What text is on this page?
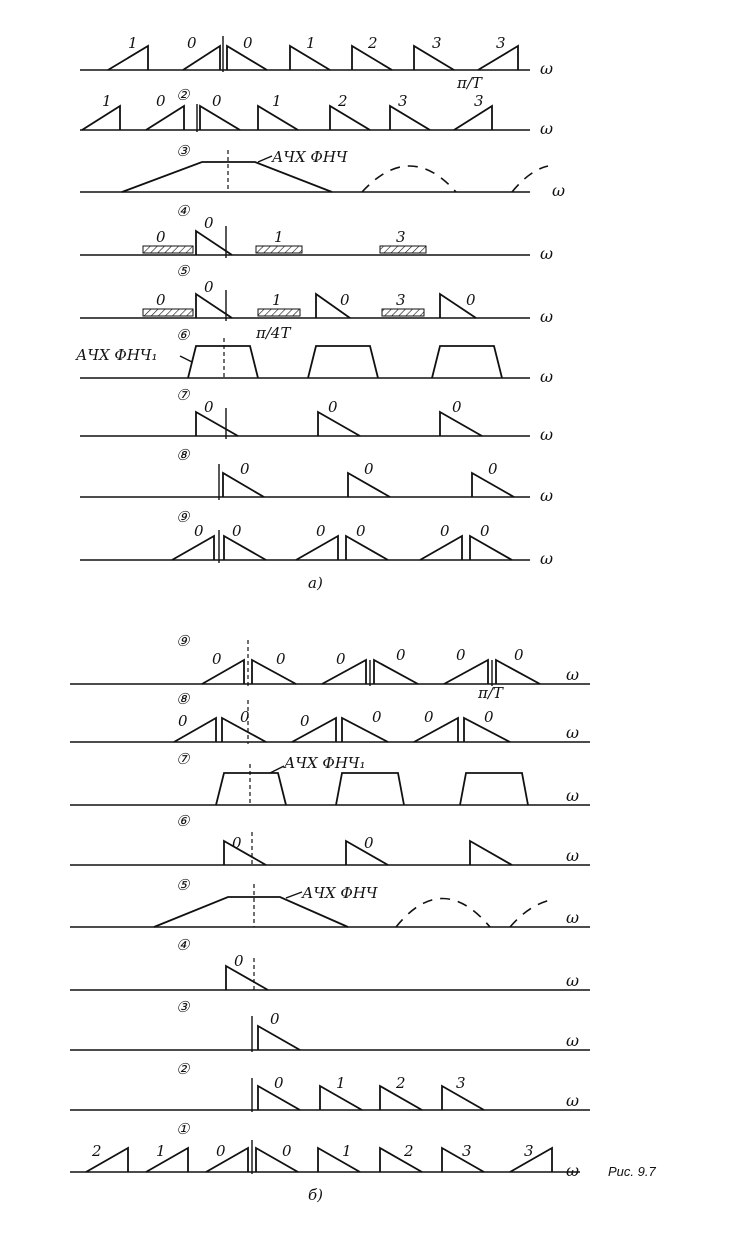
1	0	0	1	2	3	3
π/T
ω
②
1	0	0	1	2	3	3
ω
③	АЧХ ФНЧ
ω
④
0
0
1	3
ω
⑤
0
0
1	0	3	0
π/4T
ω
⑥
АЧХ ФНЧ₁
ω
⑦
0	0	0
ω
⑧
0	0	0
ω
⑨
0 0	0 0	0 0
ω
а)
⑨
0	0	0	0	0	0
π/T
ω
⑧
0	0	0	0	0	0
ω
⑦	АЧХ ФНЧ₁
ω
⑥
0	0
ω
⑤	АЧХ ФНЧ
ω
④
0
ω
③
0
ω
②
0	1	2	3
ω
①
2	1	0	0	1	2	3	3
ω
б)
Рис. 9.7
